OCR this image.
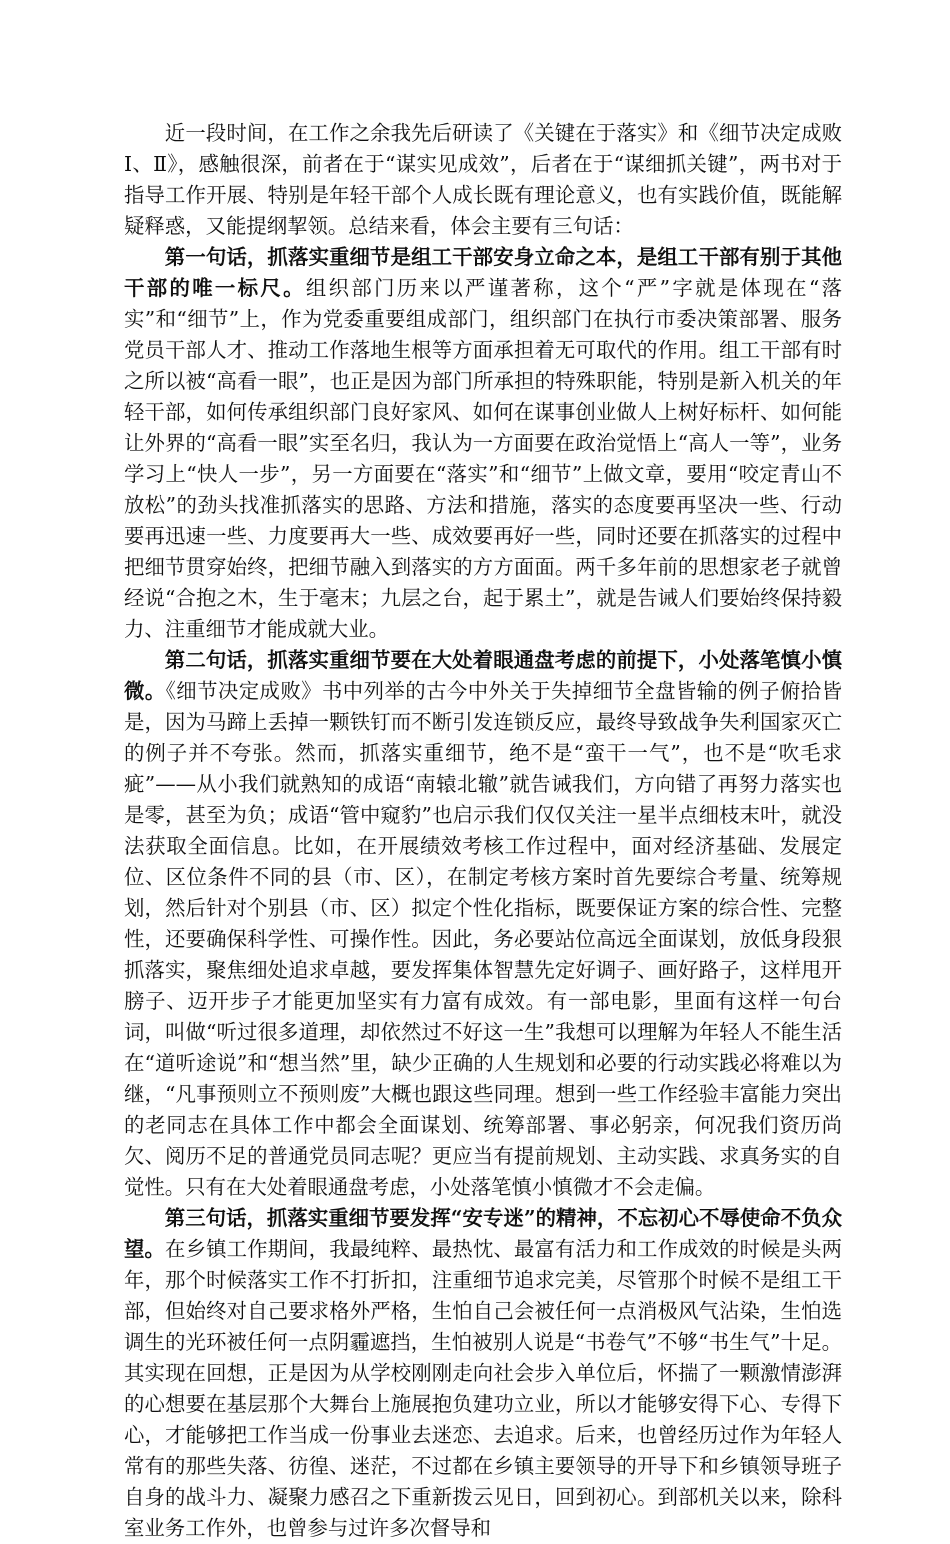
近一段时间，在工作之余我先后研读了《关键在于落实》和《细节决定成败Ⅰ、Ⅱ》，感触很深，前者在于“谋实见成效”，后者在于“谋细抓关键”，两书对于指导工作开展、特别是年轻干部个人成长既有理论意义，也有实践价值，既能解疑释惑，又能提纲挈领。总结来看，体会主要有三句话：

第一句话，抓落实重细节是组工干部安身立命之本，是组工干部有别于其他干部的唯一标尺。组织部门历来以严谨著称，这个“严”字就是体现在“落实”和“细节”上，作为党委重要组成部门，组织部门在执行市委决策部署、服务党员干部人才、推动工作落地生根等方面承担着无可取代的作用。组工干部有时之所以被“高看一眼”，也正是因为部门所承担的特殊职能，特别是新入机关的年轻干部，如何传承组织部门良好家风、如何在谋事创业做人上树好标杆、如何能让外界的“高看一眼”实至名归，我认为一方面要在政治觉悟上“高人一等”，业务学习上“快人一步”，另一方面要在“落实”和“细节”上做文章，要用“咬定青山不放松”的劲头找准抓落实的思路、方法和措施，落实的态度要再坚决一些、行动要再迅速一些、力度要再大一些、成效要再好一些，同时还要在抓落实的过程中把细节贯穿始终，把细节融入到落实的方方面面。两千多年前的思想家老子就曾经说“合抱之木，生于毫末；九层之台，起于累土”，就是告诫人们要始终保持毅力、注重细节才能成就大业。

第二句话，抓落实重细节要在大处着眼通盘考虑的前提下，小处落笔慎小慎微。《细节决定成败》书中列举的古今中外关于失掉细节全盘皆输的例子俯拾皆是，因为马蹄上丢掉一颗铁钉而不断引发连锁反应，最终导致战争失利国家灭亡的例子并不夸张。然而，抓落实重细节，绝不是“蛮干一气”，也不是“吹毛求疵”——从小我们就熟知的成语“南辕北辙”就告诫我们，方向错了再努力落实也是零，甚至为负；成语“管中窥豹”也启示我们仅仅关注一星半点细枝末叶，就没法获取全面信息。比如，在开展绩效考核工作过程中，面对经济基础、发展定位、区位条件不同的县（市、区），在制定考核方案时首先要综合考量、统筹规划，然后针对个别县（市、区）拟定个性化指标，既要保证方案的综合性、完整性，还要确保科学性、可操作性。因此，务必要站位高远全面谋划，放低身段狠抓落实，聚焦细处追求卓越，要发挥集体智慧先定好调子、画好路子，这样甩开膀子、迈开步子才能更加坚实有力富有成效。有一部电影，里面有这样一句台词，叫做“听过很多道理，却依然过不好这一生”我想可以理解为年轻人不能生活在“道听途说”和“想当然”里，缺少正确的人生规划和必要的行动实践必将难以为继，“凡事预则立不预则废”大概也跟这些同理。想到一些工作经验丰富能力突出的老同志在具体工作中都会全面谋划、统筹部署、事必躬亲，何况我们资历尚欠、阅历不足的普通党员同志呢？更应当有提前规划、主动实践、求真务实的自觉性。只有在大处着眼通盘考虑，小处落笔慎小慎微才不会走偏。

第三句话，抓落实重细节要发挥“安专迷”的精神，不忘初心不辱使命不负众望。在乡镇工作期间，我最纯粹、最热忱、最富有活力和工作成效的时候是头两年，那个时候落实工作不打折扣，注重细节追求完美，尽管那个时候不是组工干部，但始终对自己要求格外严格，生怕自己会被任何一点消极风气沾染，生怕选调生的光环被任何一点阴霾遮挡，生怕被别人说是“书卷气”不够“书生气”十足。其实现在回想，正是因为从学校刚刚走向社会步入单位后，怀揣了一颗激情澎湃的心想要在基层那个大舞台上施展抱负建功立业，所以才能够安得下心、专得下心，才能够把工作当成一份事业去迷恋、去追求。后来，也曾经历过作为年轻人常有的那些失落、彷徨、迷茫，不过都在乡镇主要领导的开导下和乡镇领导班子自身的战斗力、凝聚力感召之下重新拨云见日，回到初心。到部机关以来，除科室业务工作外，也曾参与过许多次督导和
